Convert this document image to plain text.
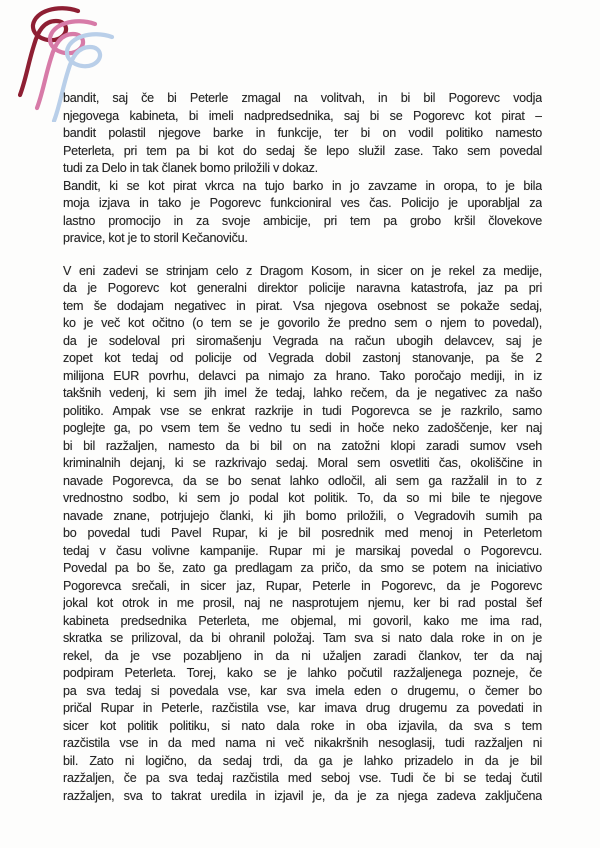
bandit, saj če bi Peterle zmagal na volitvah, in bi bil Pogorevc vodja
njegovega kabineta, bi imeli nadpredsednika, saj bi se Pogorevc kot pirat –
bandit polastil njegove barke in funkcije, ter bi on vodil politiko namesto
Peterleta, pri tem pa bi kot do sedaj še lepo služil zase. Tako sem povedal
tudi za Delo in tak članek bomo priložili v dokaz.
Bandit, ki se kot pirat vkrca na tujo barko in jo zavzame in oropa, to je bila
moja izjava in tako je Pogorevc funkcioniral ves čas. Policijo je uporabljal za
lastno promocijo in za svoje ambicije, pri tem pa grobo kršil človekove
pravice, kot je to storil Kečanoviču.
V eni zadevi se strinjam celo z Dragom Kosom, in sicer on je rekel za medije,
da je Pogorevc kot generalni direktor policije naravna katastrofa, jaz pa pri
tem še dodajam negativec in pirat. Vsa njegova osebnost se pokaže sedaj,
ko je več kot očitno (o tem se je govorilo že predno sem o njem to povedal),
da je sodeloval pri siromašenju Vegrada na račun ubogih delavcev, saj je
zopet kot tedaj od policije od Vegrada dobil zastonj stanovanje, pa še 2
milijona EUR povrhu, delavci pa nimajo za hrano. Tako poročajo mediji, in iz
takšnih vedenj, ki sem jih imel že tedaj, lahko rečem, da je negativec za našo
politiko. Ampak vse se enkrat razkrije in tudi Pogorevca se je razkrilo, samo
poglejte ga, po vsem tem še vedno tu sedi in hoče neko zadoščenje, ker naj
bi bil razžaljen, namesto da bi bil on na zatožni klopi zaradi sumov vseh
kriminalnih dejanj, ki se razkrivajo sedaj. Moral sem osvetliti čas, okoliščine in
navade Pogorevca, da se bo senat lahko odločil, ali sem ga razžalil in to z
vrednostno sodbo, ki sem jo podal kot politik. To, da so mi bile te njegove
navade znane, potrjujejo članki, ki jih bomo priložili, o Vegradovih sumih pa
bo povedal tudi Pavel Rupar, ki je bil posrednik med menoj in Peterletom
tedaj v času volivne kampanije. Rupar mi je marsikaj povedal o Pogorevcu.
Povedal pa bo še, zato ga predlagam za pričo, da smo se potem na iniciativo
Pogorevca srečali, in sicer jaz, Rupar, Peterle in Pogorevc, da je Pogorevc
jokal kot otrok in me prosil, naj ne nasprotujem njemu, ker bi rad postal šef
kabineta predsednika Peterleta, me objemal, mi govoril, kako me ima rad,
skratka se prilizoval, da bi ohranil položaj. Tam sva si nato dala roke in on je
rekel, da je vse pozabljeno in da ni užaljen zaradi člankov, ter da naj
podpiram Peterleta. Torej, kako se je lahko počutil razžaljenega pozneje, če
pa sva tedaj si povedala vse, kar sva imela eden o drugemu, o čemer bo
pričal Rupar in Peterle, razčistila vse, kar imava drug drugemu za povedati in
sicer kot politik politiku, si nato dala roke in oba izjavila, da sva s tem
razčistila vse in da med nama ni več nikakršnih nesoglasij, tudi razžaljen ni
bil. Zato ni logično, da sedaj trdi, da ga je lahko prizadelo in da je bil
razžaljen, če pa sva tedaj razčistila med seboj vse. Tudi če bi se tedaj čutil
razžaljen, sva to takrat uredila in izjavil je, da je za njega zadeva zaključena
